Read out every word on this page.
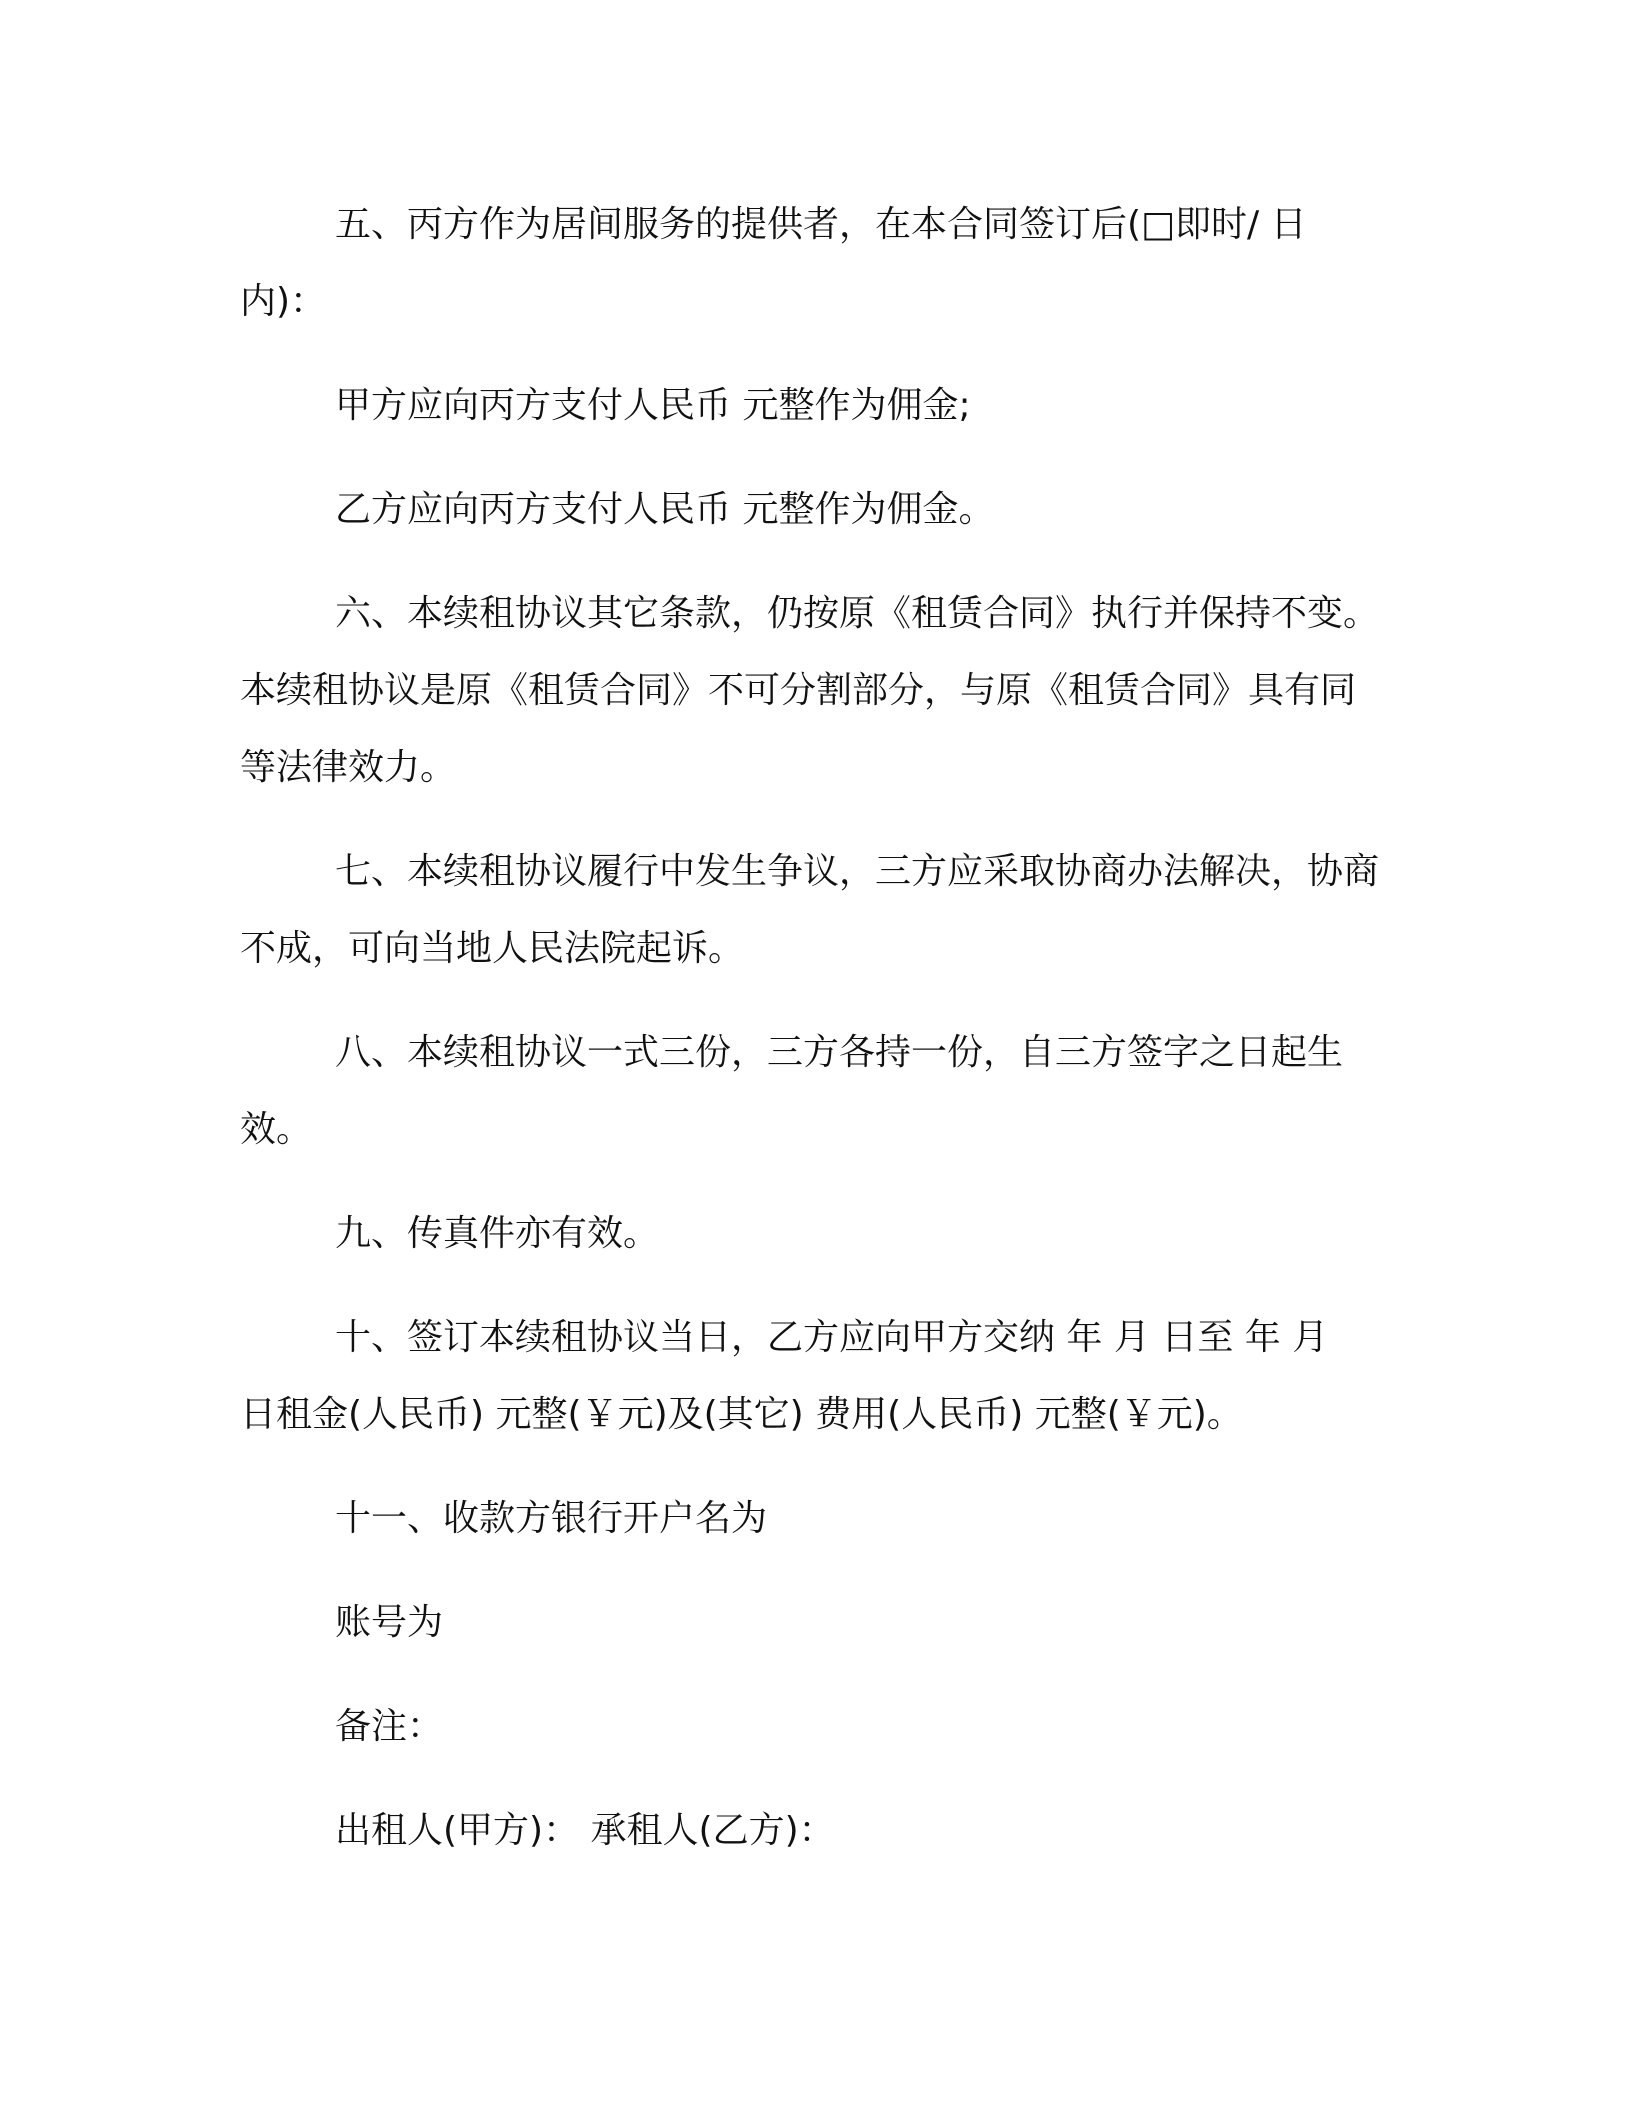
五、丙方作为居间服务的提供者，在本合同签订后(□即时/ 日内)：

甲方应向丙方支付人民币 元整作为佣金;

乙方应向丙方支付人民币 元整作为佣金。

六、本续租协议其它条款，仍按原《租赁合同》执行并保持不变。本续租协议是原《租赁合同》不可分割部分，与原《租赁合同》具有同等法律效力。

七、本续租协议履行中发生争议，三方应采取协商办法解决，协商不成，可向当地人民法院起诉。

八、本续租协议一式三份，三方各持一份，自三方签字之日起生效。

九、传真件亦有效。

十、签订本续租协议当日，乙方应向甲方交纳 年 月 日至 年 月 日租金(人民币) 元整(￥元)及(其它) 费用(人民币) 元整(￥元)。

十一、收款方银行开户名为

账号为

备注：

出租人(甲方)： 承租人(乙方)：
